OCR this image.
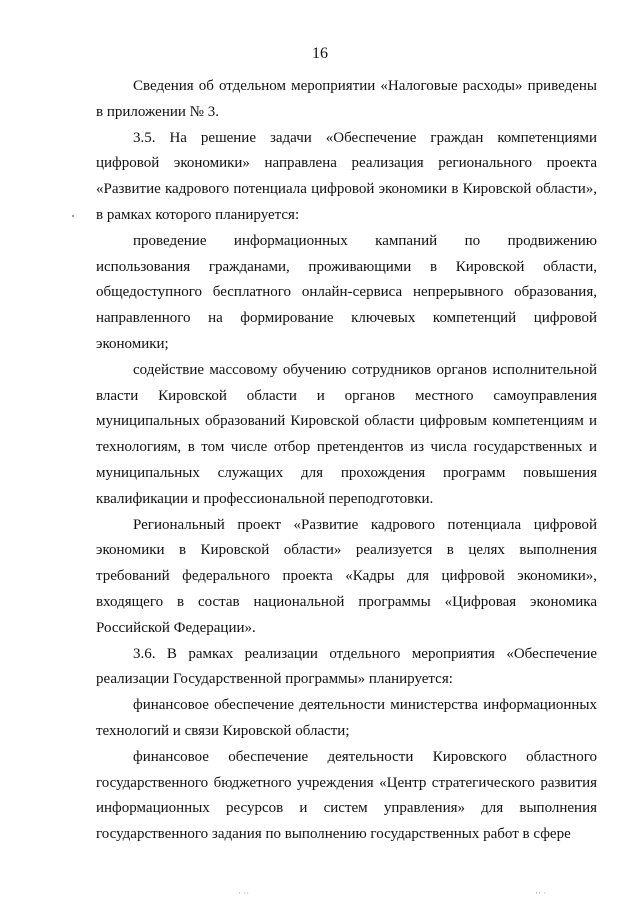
16

Сведения об отдельном мероприятии «Налоговые расходы» приведены в приложении № 3.

3.5. На решение задачи «Обеспечение граждан компетенциями цифровой экономики» направлена реализация регионального проекта «Развитие кадрового потенциала цифровой экономики в Кировской области», в рамках которого планируется:

проведение информационных кампаний по продвижению использования гражданами, проживающими в Кировской области, общедоступного бесплатного онлайн-сервиса непрерывного образования, направленного на формирование ключевых компетенций цифровой экономики;

содействие массовому обучению сотрудников органов исполнительной власти Кировской области и органов местного самоуправления муниципальных образований Кировской области цифровым компетенциям и технологиям, в том числе отбор претендентов из числа государственных и муниципальных служащих для прохождения программ повышения квалификации и профессиональной переподготовки.

Региональный проект «Развитие кадрового потенциала цифровой экономики в Кировской области» реализуется в целях выполнения требований федерального проекта «Кадры для цифровой экономики», входящего в состав национальной программы «Цифровая экономика Российской Федерации».

3.6. В рамках реализации отдельного мероприятия «Обеспечение реализации Государственной программы» планируется:

финансовое обеспечение деятельности министерства информационных технологий и связи Кировской области;

финансовое обеспечение деятельности Кировского областного государственного бюджетного учреждения «Центр стратегического развития информационных ресурсов и систем управления» для выполнения государственного задания по выполнению государственных работ в сфере

· ··	·· ·
